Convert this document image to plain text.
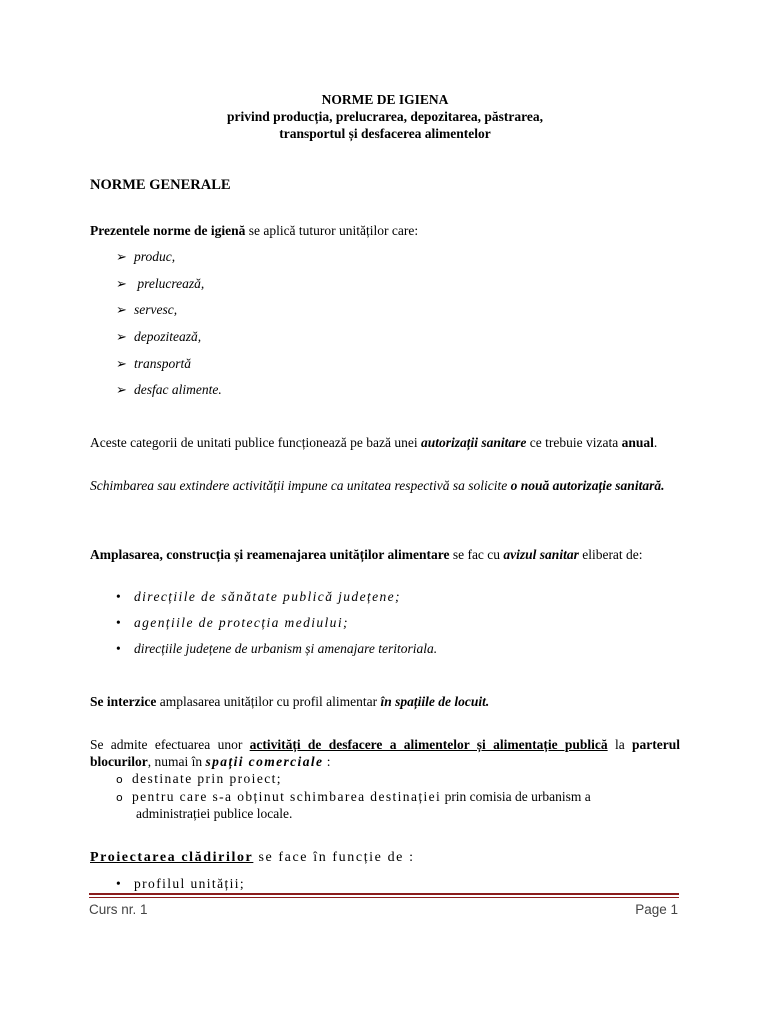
NORME DE IGIENA
privind producția, prelucrarea, depozitarea, păstrarea,
transportul și desfacerea alimentelor
NORME GENERALE
Prezentele norme de igienă se aplică tuturor unităților care:
➢ produc,
➢ prelucrează,
➢ servesc,
➢ depozitează,
➢ transportă
➢ desfac alimente.
Aceste categorii de unitati publice funcționează pe bază unei autorizații sanitare ce trebuie vizata anual.
Schimbarea sau extindere activității impune ca unitatea respectivă sa solicite o nouă autorizație sanitară.
Amplasarea, construcția și reamenajarea unităților alimentare se fac cu avizul sanitar eliberat de:
• direcțiile de sănătate publică județene;
• agențiile de protecția mediului;
• direcțiile județene de urbanism și amenajare teritoriala.
Se interzice amplasarea unităților cu profil alimentar în spațiile de locuit.
Se admite efectuarea unor activități de desfacere a alimentelor și alimentație publică la parterul blocurilor, numai în spații comerciale :
o destinate prin proiect;
o pentru care s-a obținut schimbarea destinației prin comisia de urbanism a
administrației publice locale.
Proiectarea clădirilor se face în funcție de :
• profilul unității;
Curs nr. 1	Page 1
